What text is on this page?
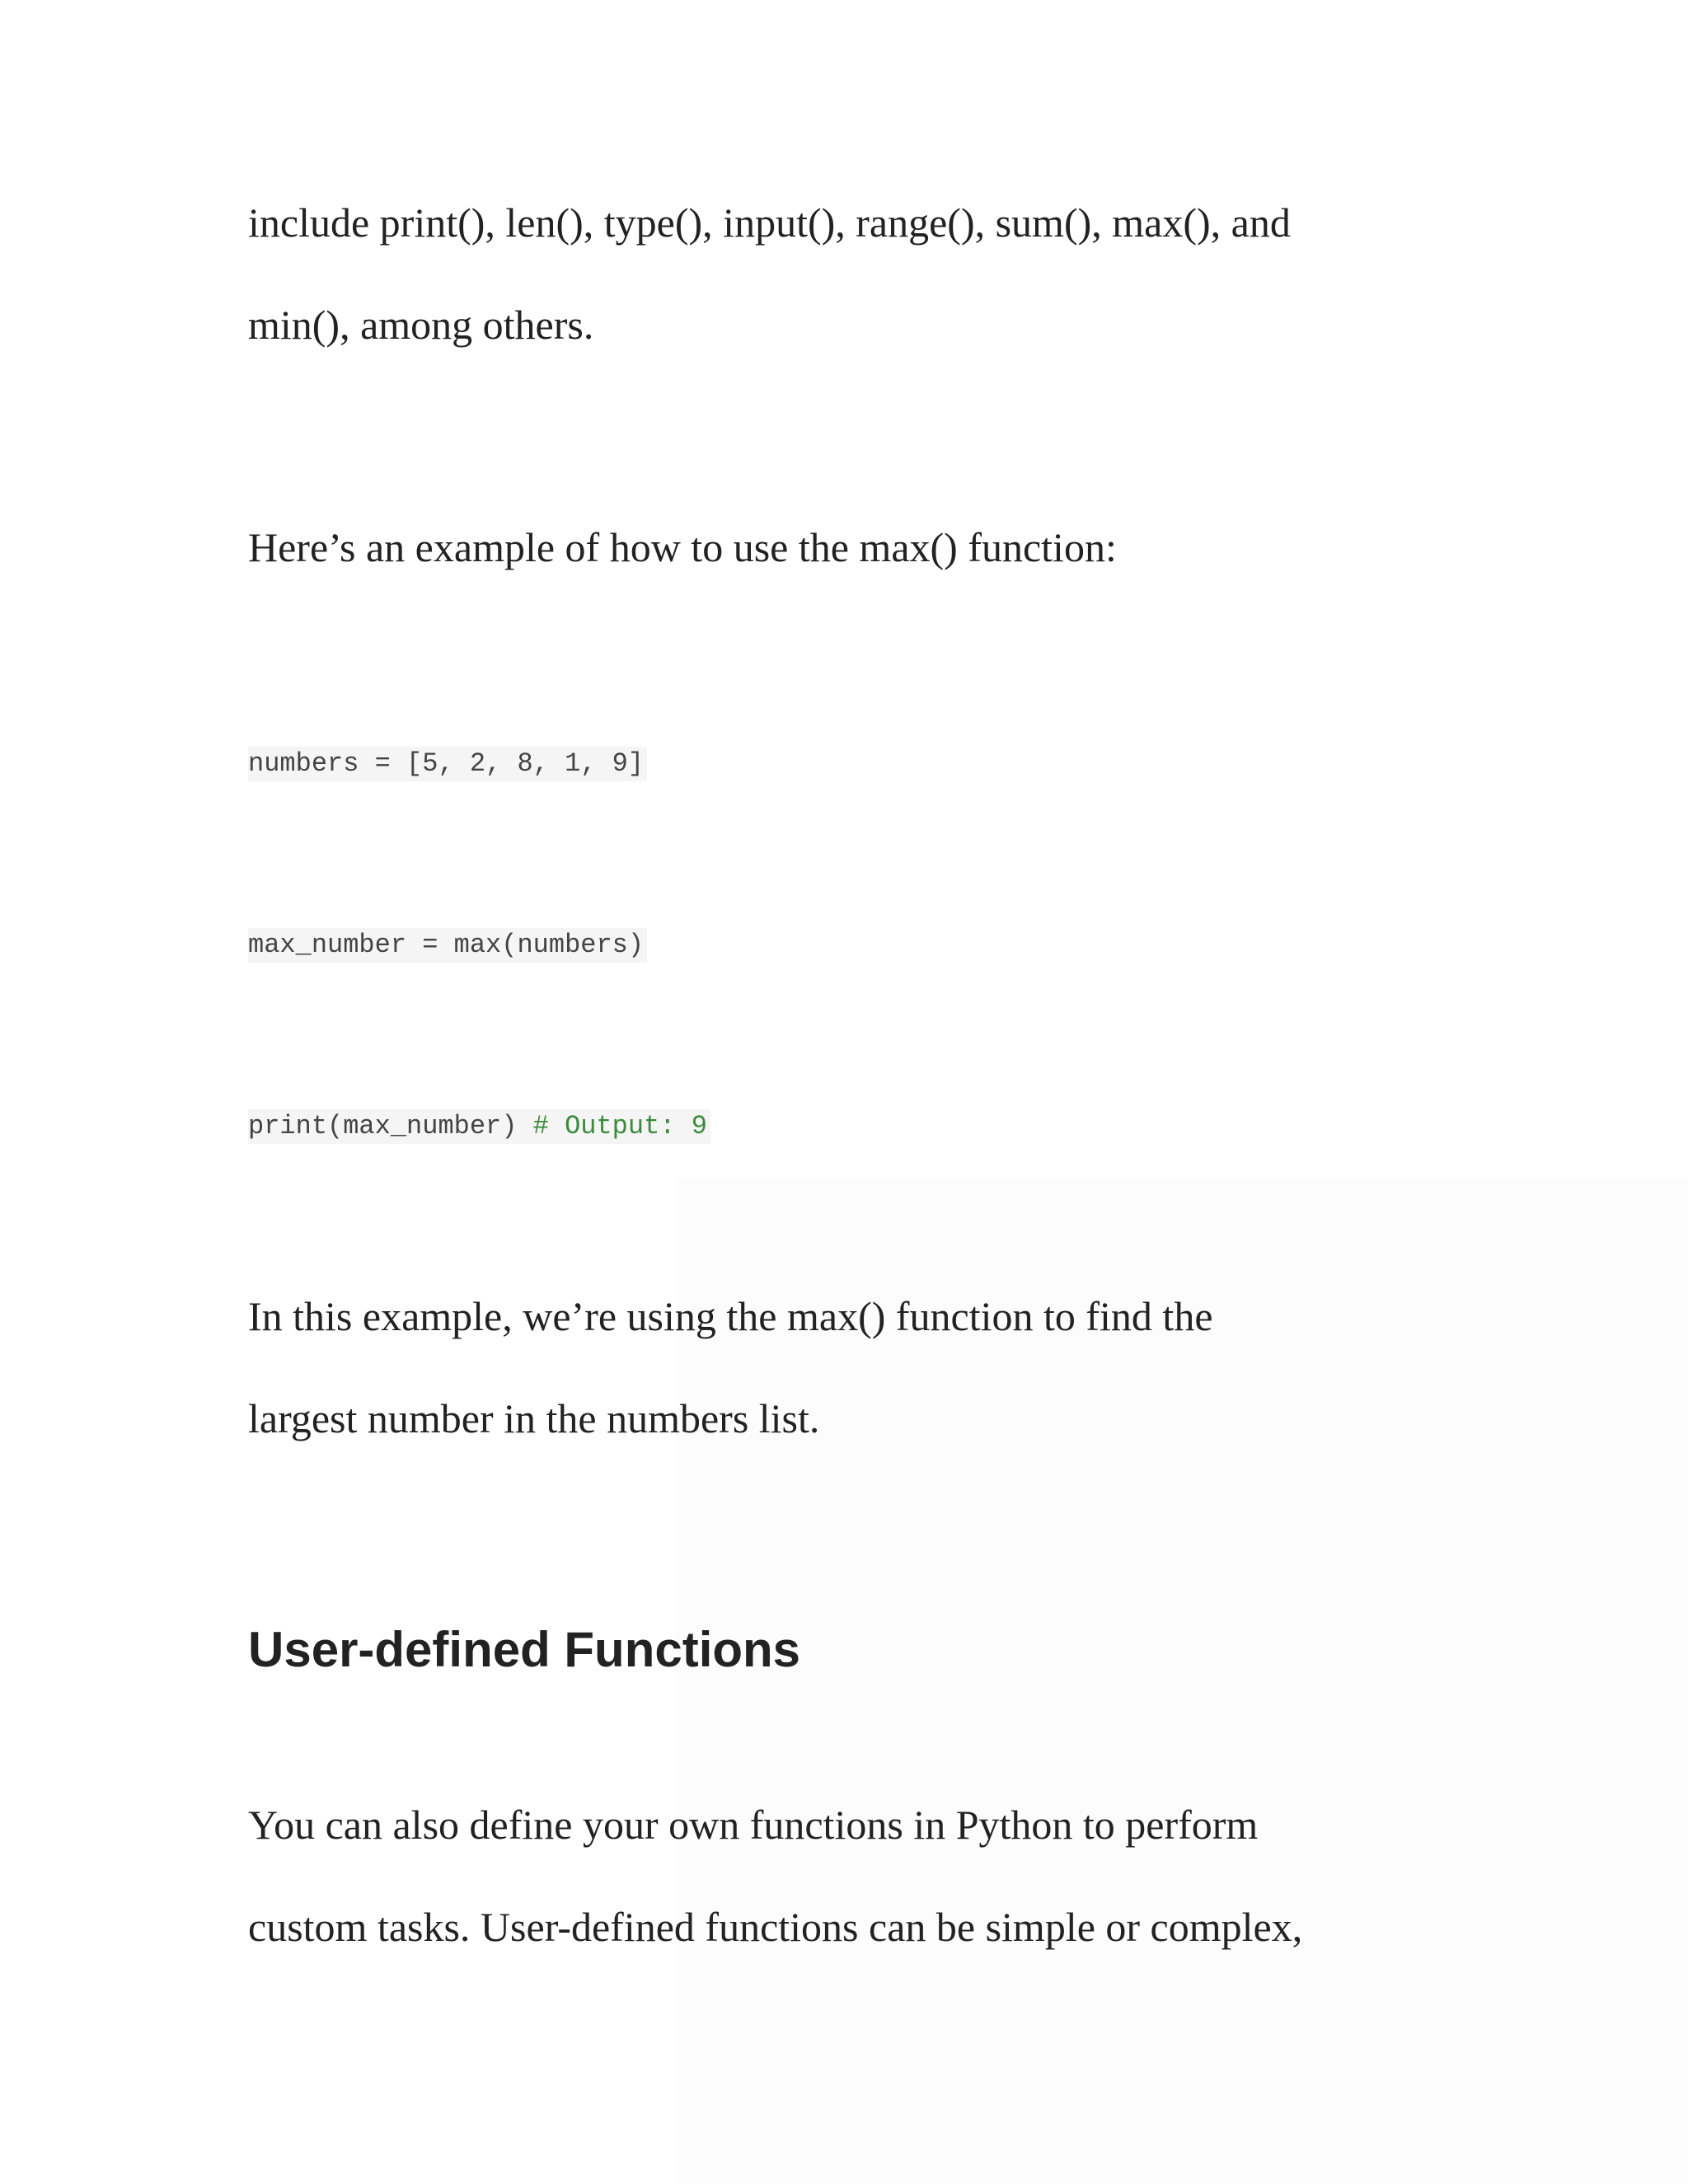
include print(), len(), type(), input(), range(), sum(), max(), and
min(), among others.

Here’s an example of how to use the max() function:

numbers = [5, 2, 8, 1, 9]
max_number = max(numbers)
print(max_number) # Output: 9

In this example, we’re using the max() function to find the
largest number in the numbers list.

User-defined Functions

You can also define your own functions in Python to perform
custom tasks. User-defined functions can be simple or complex,
